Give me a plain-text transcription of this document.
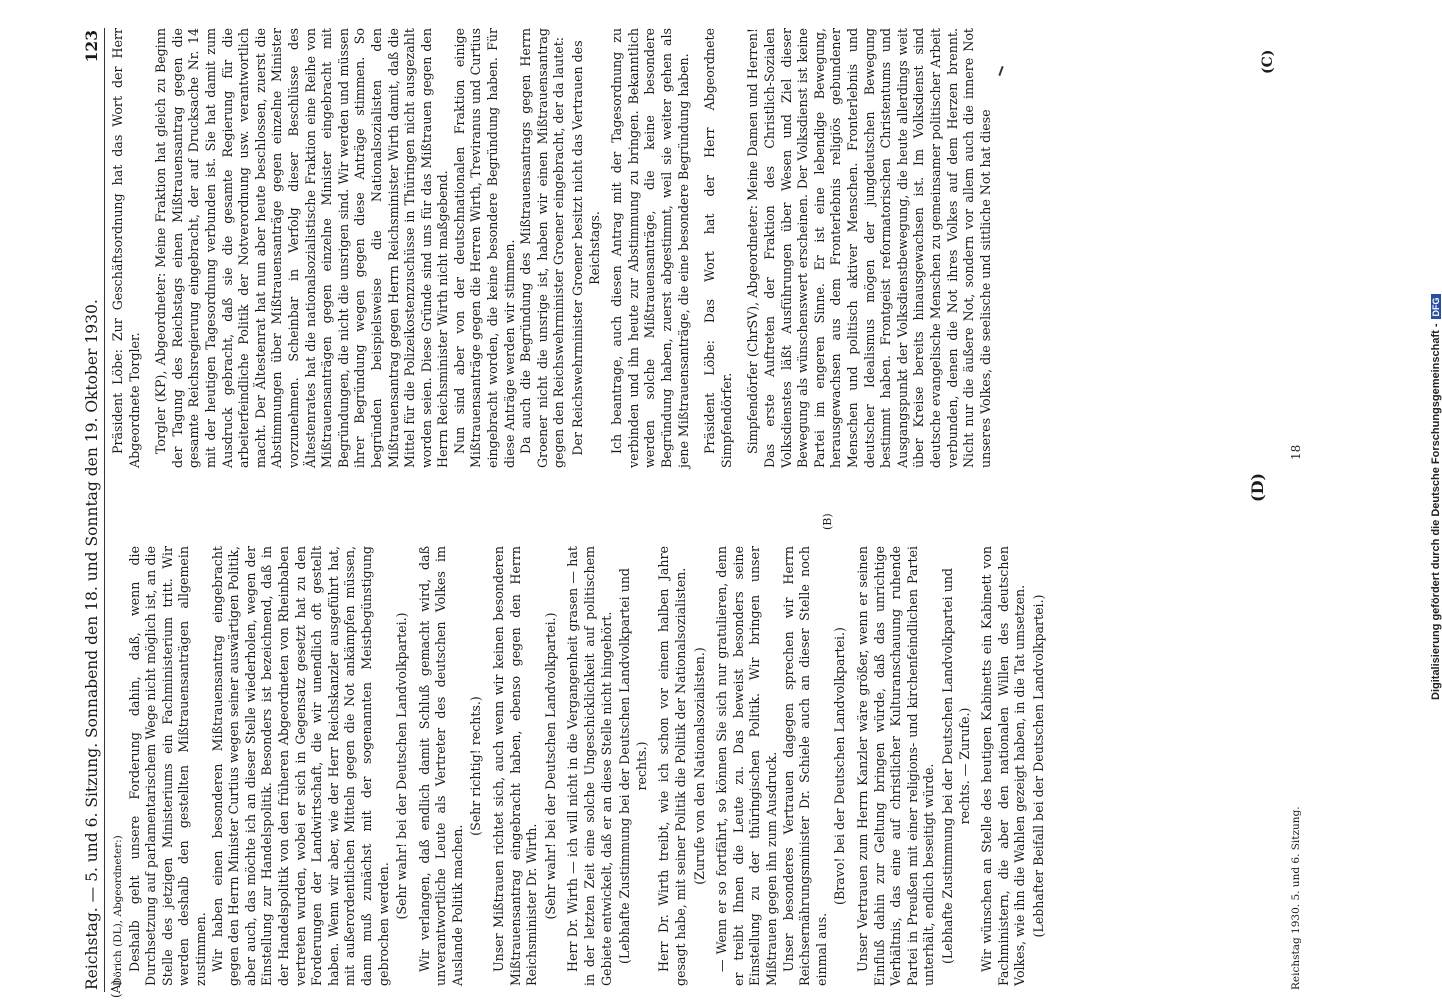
Reichstag. — 5. und 6. Sitzung. Sonnabend den 18. und Sonntag den 19. Oktober 1930.
123
(A)
(B)
(C)
(D)

Dörich (DL), Abgeordneter:) Deshalb geht unsere Forderung dahin, daß, wenn die Durchsetzung auf parlamentarischem Wege nicht möglich ist, an die Stelle des jetzigen Ministeriums ein Fachministerium tritt. Wir werden deshalb den gestellten Mißtrauensanträgen allgemein zustimmen. Wir haben einen besonderen Mißtrauensantrag eingebracht gegen den Herrn Minister Curtius wegen seiner auswärtigen Politik, aber auch, das möchte ich an dieser Stelle wiederholen, wegen der Einstellung zur Handelspolitik. Besonders ist bezeichnend, daß in der Handelspolitik von den früheren Abgeordneten von Rheinbaben vertreten wurden, wobei er sich in Gegensatz gesetzt hat zu den Forderungen der Landwirtschaft, die wir unendlich oft gestellt haben. Wenn wir aber, wie der Herr Reichskanzler ausgeführt hat, mit außerordentlichen Mitteln gegen die Not ankämpfen müssen, dann muß zunächst mit der sogenannten Meistbegünstigung gebrochen werden.

(Sehr wahr! bei der Deutschen Landvolkpartei.) Wir verlangen, daß endlich damit Schluß gemacht wird, daß unverantwortliche Leute als Vertreter des deutschen Volkes im Auslande Politik machen.

(Sehr richtig! rechts.) Unser Mißtrauen richtet sich, auch wenn wir keinen besonderen Mißtrauensantrag eingebracht haben, ebenso gegen den Herrn Reichsminister Dr. Wirth. (Sehr wahr! bei der Deutschen Landvolkpartei.) Herr Dr. Wirth — ich will nicht in die Vergangenheit grasen — hat in der letzten Zeit eine solche Ungeschicklichkeit auf politischem Gebiete entwickelt, daß er an diese Stelle nicht hingehört. (Lebhafte Zustimmung bei der Deutschen Landvolkpartei und rechts.) Herr Dr. Wirth treibt, wie ich schon vor einem halben Jahre gesagt habe, mit seiner Politik die Politik der Nationalsozialisten. (Zurufe von den Nationalsozialisten.) — Wenn er so fortfährt, so können Sie sich nur gratulieren, denn er treibt Ihnen die Leute zu. Das beweist besonders seine Einstellung zu der thüringischen Politik. Wir bringen unser Mißtrauen gegen ihn zum Ausdruck. Unser besonderes Vertrauen dagegen sprechen wir Herrn Reichsernährungsminister Dr. Schiele auch an dieser Stelle noch einmal aus.

(Bravo! bei der Deutschen Landvolkpartei.) Unser Vertrauen zum Herrn Kanzler wäre größer, wenn er seinen Einfluß dahin zur Geltung bringen würde, daß das unrichtige Verhältnis, das eine auf christlicher Kulturanschauung ruhende Partei in Preußen mit einer religions- und kirchenfeindlichen Partei unterhält, endlich beseitigt würde. (Lebhafte Zustimmung bei der Deutschen Landvolkpartei und rechts. — Zurufe.) Wir wünschen an Stelle des heutigen Kabinetts ein Kabinett von Fachministern, die aber den nationalen Willen des deutschen Volkes, wie ihn die Wahlen gezeigt haben, in die Tat umsetzen. (Lebhafter Beifall bei der Deutschen Landvolkpartei.)

Präsident Löbe: Zur Geschäftsordnung hat das Wort der Herr Abgeordnete Torgler. Torgler (KP), Abgeordneter: Meine Fraktion hat gleich zu Beginn der Tagung des Reichstags einen Mißtrauensantrag gegen die gesamte Reichsregierung eingebracht, der auf Drucksache Nr. 14 mit der heutigen Tagesordnung verbunden ist. Sie hat damit zum Ausdruck gebracht, daß sie die gesamte Regierung für die arbeiterfeindliche Politik der Notverordnung usw. verantwortlich macht. Der Ältestenrat hat nun aber heute beschlossen, zuerst die Abstimmungen über Mißtrauensanträge gegen einzelne Minister vorzunehmen. Scheinbar in Verfolg dieser Beschlüsse des Ältestenrates hat die nationalsozialistische Fraktion eine Reihe von Mißtrauensanträgen gegen einzelne Minister eingebracht mit Begründungen, die nicht die unsrigen sind. Wir werden und müssen ihrer Begründung wegen gegen diese Anträge stimmen. So begründen beispielsweise die Nationalsozialisten den Mißtrauensantrag gegen Herrn Reichsminister Wirth damit, daß die Mittel für die Polizeikostenzuschüsse in Thüringen nicht ausgezahlt worden seien. Diese Gründe sind uns für das Mißtrauen gegen den Herrn Reichsminister Wirth nicht maßgebend. Nun sind aber von der deutschnationalen Fraktion einige Mißtrauensanträge gegen die Herren Wirth, Treviranus und Curtius eingebracht worden, die keine besondere Begründung haben. Für diese Anträge werden wir stimmen. Da auch die Begründung des Mißtrauensantrags gegen Herrn Groener nicht die unsrige ist, haben wir einen Mißtrauensantrag gegen den Reichswehrminister Groener eingebracht, der da lautet: Der Reichswehrminister Groener besitzt nicht das Vertrauen des Reichstags. Ich beantrage, auch diesen Antrag mit der Tagesordnung zu verbinden und ihn heute zur Abstimmung zu bringen. Bekanntlich werden solche Mißtrauensanträge, die keine besondere Begründung haben, zuerst abgestimmt, weil sie weiter gehen als jene Mißtrauensanträge, die eine besondere Begründung haben. Präsident Löbe: Das Wort hat der Herr Abgeordnete Simpfendörfer. Simpfendörfer (ChrSV), Abgeordneter: Meine Damen und Herren! Das erste Auftreten der Fraktion des Christlich-Sozialen Volksdienstes läßt Ausführungen über Wesen und Ziel dieser Bewegung als wünschenswert erscheinen. Der Volksdienst ist keine Partei im engeren Sinne. Er ist eine lebendige Bewegung, herausgewachsen aus dem Fronterlebnis religiös gebundener Menschen und politisch aktiver Menschen. Fronterlebnis und deutscher Idealismus mögen der jungdeutschen Bewegung bestimmt haben. Frontgeist reformatorischen Christentums und Ausgangspunkt der Volksdienstbewegung, die heute allerdings weit über Kreise bereits hinausgewachsen ist. Im Volksdienst sind deutsche evangelische Menschen zu gemeinsamer politischer Arbeit verbunden, denen die Not ihres Volkes auf dem Herzen brennt. Nicht nur die äußere Not, sondern vor allem auch die innere Not unseres Volkes, die seelische und sittliche Not hat diese

Reichstag 1930. 5. und 6. Sitzung.
18	Digitalisierung gefördert durch die Deutsche Forschungsgemeinschaft -DFG
